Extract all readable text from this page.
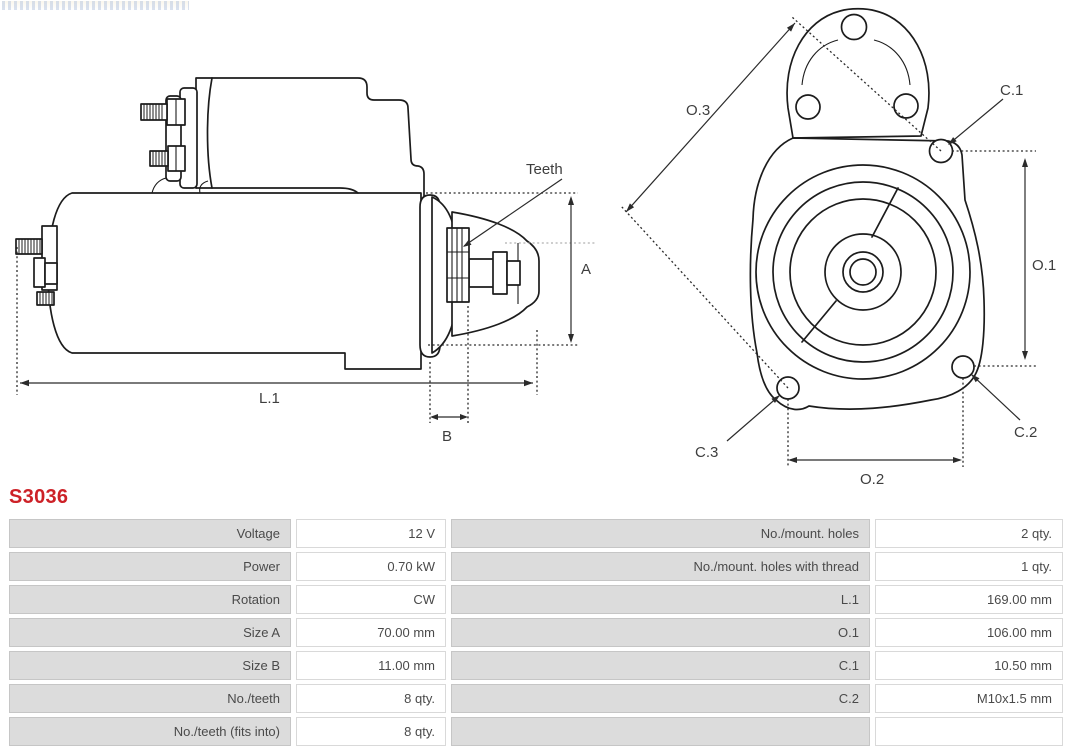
L.1
B
A
Teeth
O.3
O.1
O.2
C.1
C.2
C.3
S3036
Voltage	12 V	No./mount. holes	2 qty.
Power	0.70 kW	No./mount. holes with thread	1 qty.
Rotation	CW	L.1	169.00 mm
Size A	70.00 mm	O.1	106.00 mm
Size B	11.00 mm	C.1	10.50 mm
No./teeth	8 qty.	C.2	M10x1.5 mm
No./teeth (fits into)	8 qty.
